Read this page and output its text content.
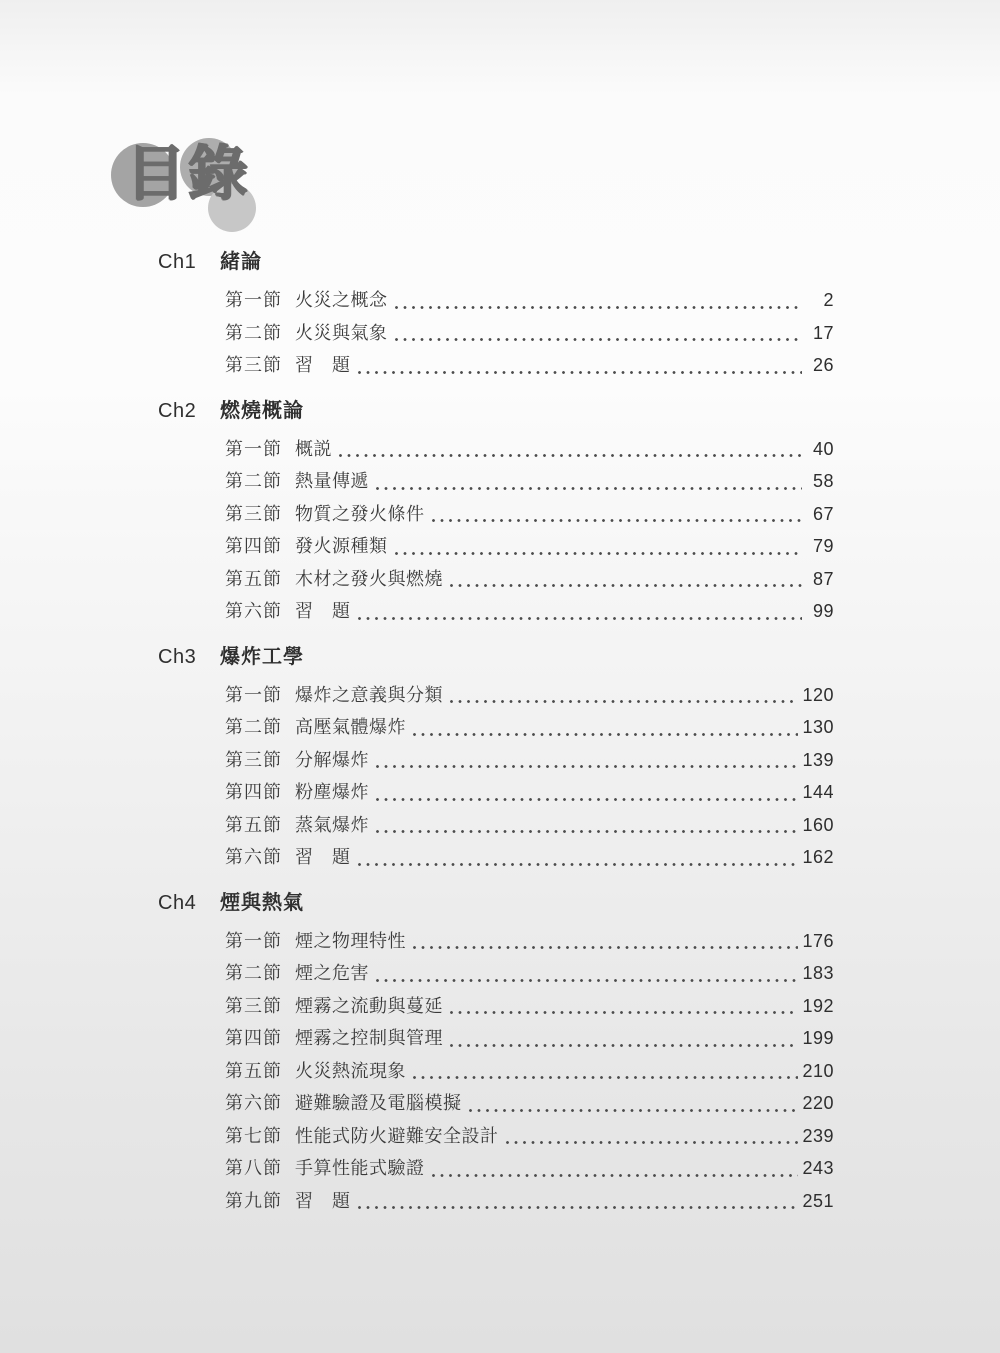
目錄
Ch1	緒論
第一節 火災之概念	2
第二節 火災與氣象	17
第三節 習　題	26
Ch2	燃燒概論
第一節 概説	40
第二節 熱量傳遞	58
第三節 物質之發火條件	67
第四節 發火源種類	79
第五節 木材之發火與燃燒	87
第六節 習　題	99
Ch3	爆炸工學
第一節 爆炸之意義與分類	120
第二節 高壓氣體爆炸	130
第三節 分解爆炸	139
第四節 粉塵爆炸	144
第五節 蒸氣爆炸	160
第六節 習　題	162
Ch4	煙與熱氣
第一節 煙之物理特性	176
第二節 煙之危害	183
第三節 煙霧之流動與蔓延	192
第四節 煙霧之控制與管理	199
第五節 火災熱流現象	210
第六節 避難驗證及電腦模擬	220
第七節 性能式防火避難安全設計	239
第八節 手算性能式驗證	243
第九節 習　題	251
